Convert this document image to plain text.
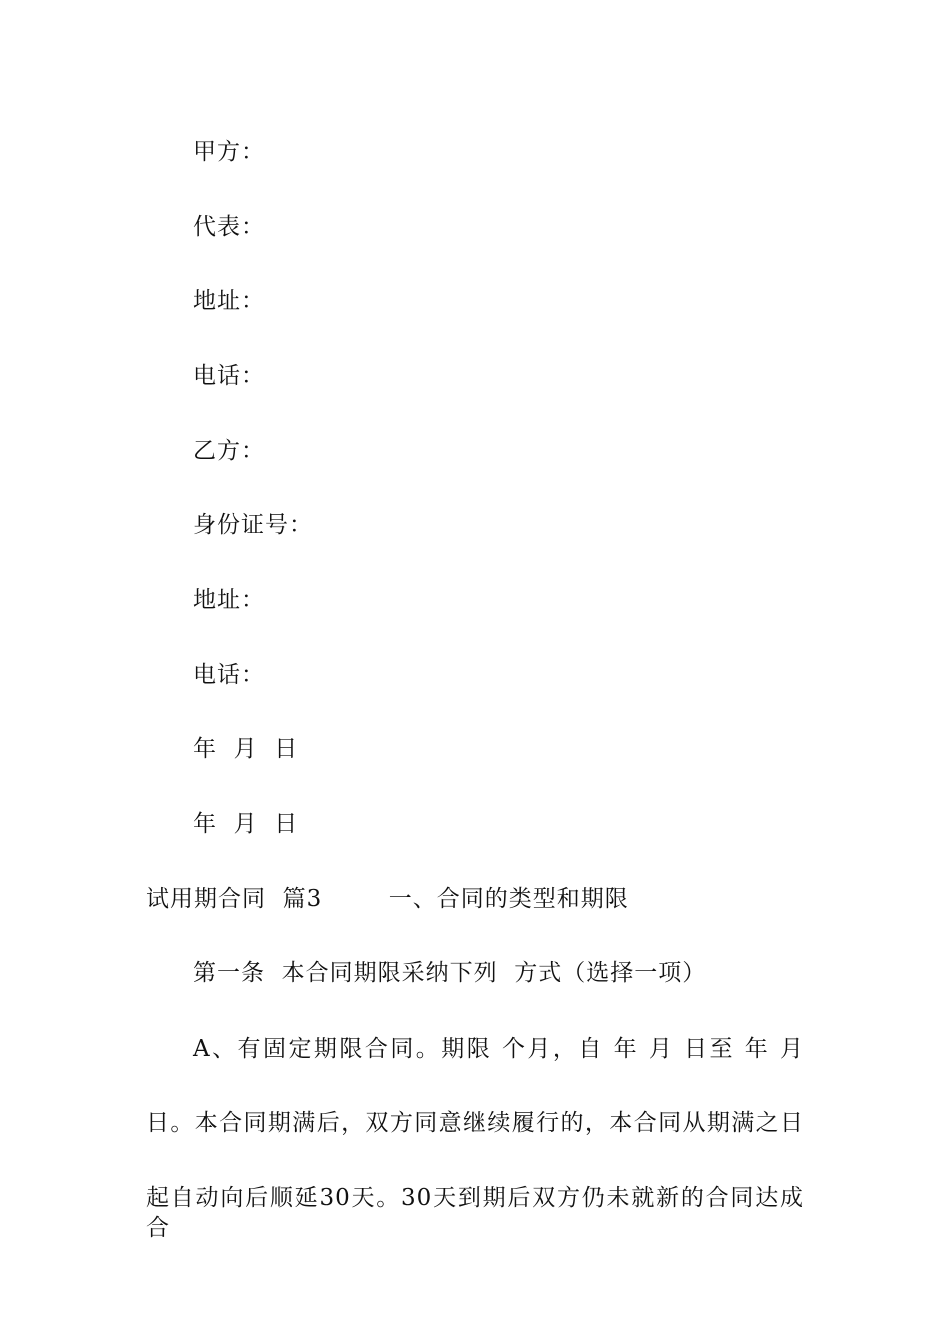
甲方：
代表：
地址：
电话：
乙方：
身份证号：
地址：
电话：
年  月  日
年  月  日
试用期合同  篇3        一、合同的类型和期限
第一条  本合同期限采纳下列  方式（选择一项）
A、有固定期限合同。期限 个月，自 年 月 日至 年 月
日。本合同期满后，双方同意继续履行的，本合同从期满之日
起自动向后顺延30天。30天到期后双方仍未就新的合同达成合
